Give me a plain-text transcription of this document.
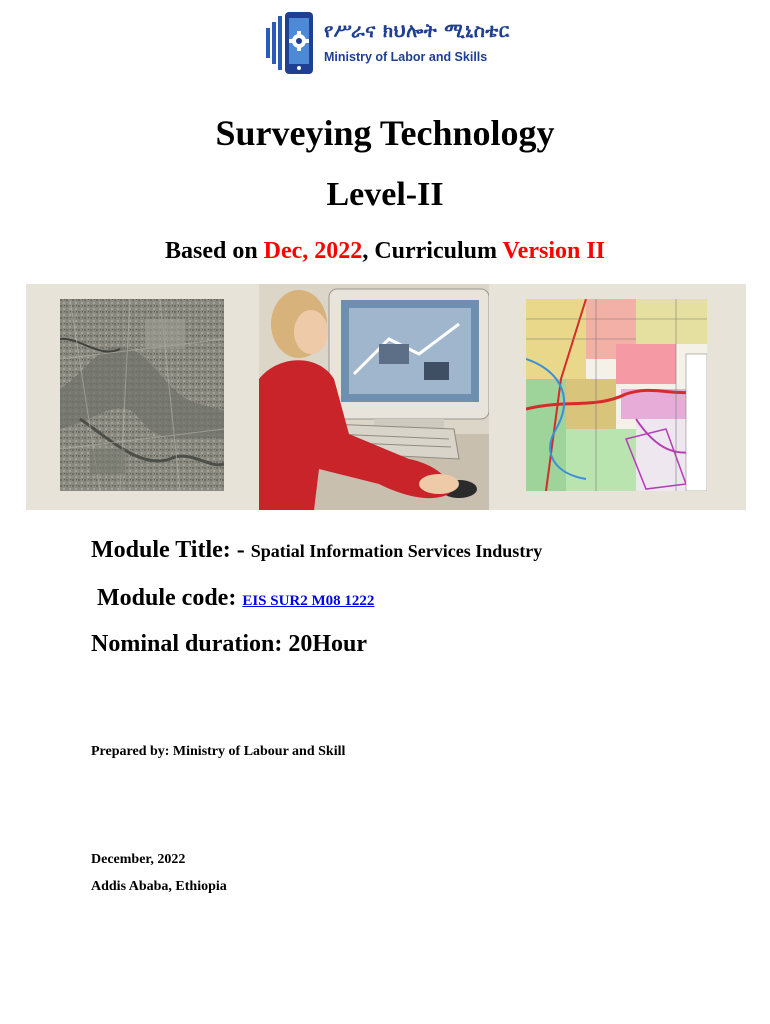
የሥራና ክህሎት ሚኒስቴር
Ministry of Labor and Skills
Surveying Technology
Level-II
Based on Dec, 2022, Curriculum Version II
Module Title: - Spatial Information Services Industry
Module code: EIS SUR2 M08 1222
Nominal duration: 20Hour
Prepared by: Ministry of Labour and Skill
December, 2022
Addis Ababa, Ethiopia
